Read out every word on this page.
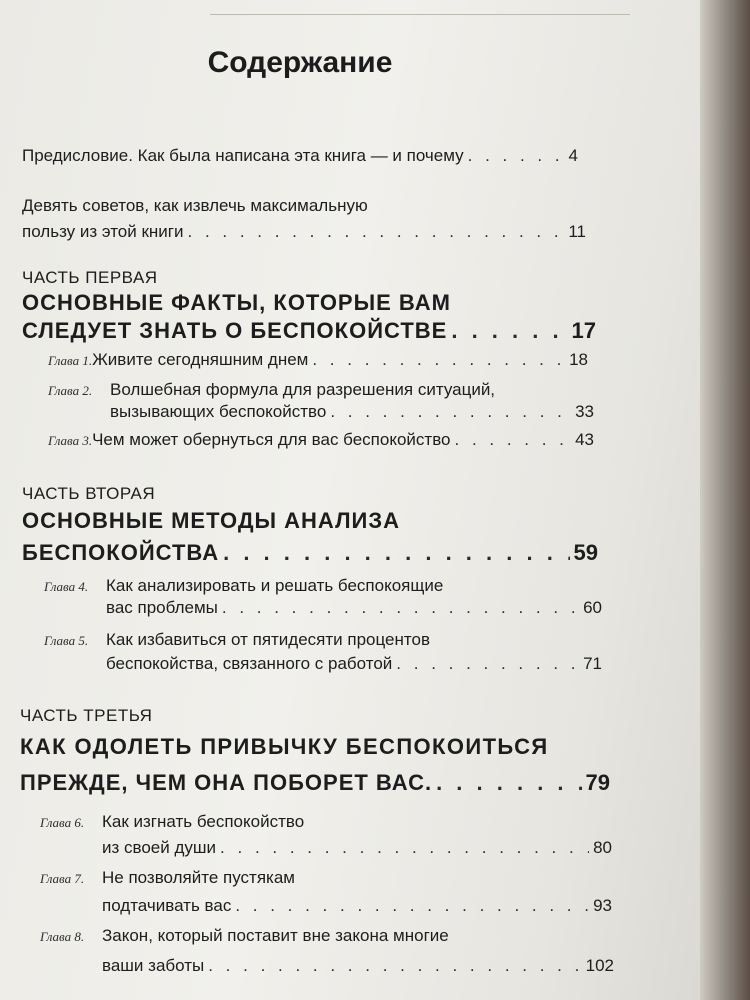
Содержание
Предисловие. Как была написана эта книга — и почему . . .	4
Девять советов, как извлечь максимальную
пользу из этой книги . . .	11
ЧАСТЬ ПЕРВАЯ
ОСНОВНЫЕ ФАКТЫ, КОТОРЫЕ ВАМ
СЛЕДУЕТ ЗНАТЬ О БЕСПОКОЙСТВЕ . . .	17
Глава 1. Живите сегодняшним днем . . .	18
Глава 2.	Волшебная формула для разрешения ситуаций,
вызывающих беспокойство . . .	33
Глава 3. Чем может обернуться для вас беспокойство . . .	43
ЧАСТЬ ВТОРАЯ
ОСНОВНЫЕ МЕТОДЫ АНАЛИЗА
БЕСПОКОЙСТВА . . .	59
Глава 4.	Как анализировать и решать беспокоящие
вас проблемы . . .	60
Глава 5.	Как избавиться от пятидесяти процентов
беспокойства, связанного с работой . . .	71
ЧАСТЬ ТРЕТЬЯ
КАК ОДОЛЕТЬ ПРИВЫЧКУ БЕСПОКОИТЬСЯ
ПРЕЖДЕ, ЧЕМ ОНА ПОБОРЕТ ВАС. . . .	79
Глава 6.	Как изгнать беспокойство
из своей души . . .	80
Глава 7.	Не позволяйте пустякам
подтачивать вас . . .	93
Глава 8.	Закон, который поставит вне закона многие
ваши заботы . . .	102
